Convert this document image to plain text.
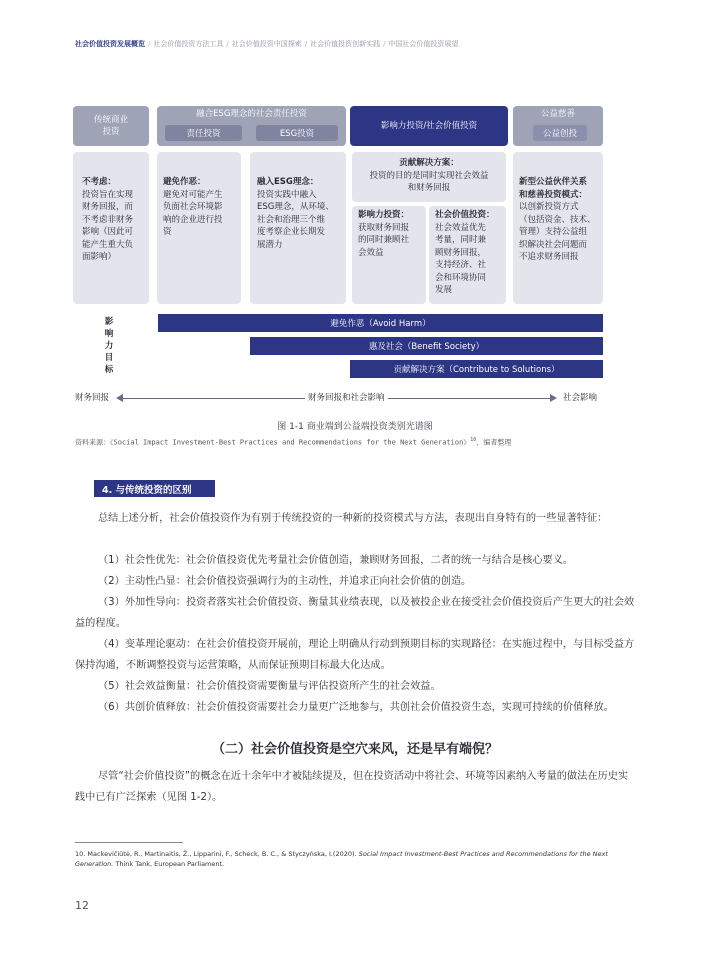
社会价值投资发展概览 / 社会价值投资方法工具 / 社会价值投资中国探索 / 社会价值投资创新实践 / 中国社会价值投资展望
传统商业
投资
融合ESG理念的社会责任投资
责任投资	ESG投资
影响力投资/社会价值投资
公益慈善
公益创投
不考虑：
投资旨在实现
财务回报，而
不考虑非财务
影响（因此可
能产生重大负
面影响）
避免作恶：
避免对可能产生
负面社会环境影
响的企业进行投
资
融入ESG理念：
投资实践中融入
ESG理念，从环境、
社会和治理三个维
度考察企业长期发
展潜力
贡献解决方案：
投资的目的是同时实现社会效益
和财务回报
影响力投资：
获取财务回报
的同时兼顾社
会效益
社会价值投资：
社会效益优先
考量，同时兼
顾财务回报，
支持经济、社
会和环境协同
发展
新型公益伙伴关系
和慈善投资模式：
以创新投资方式
（包括资金、技术、
管理）支持公益组
织解决社会问题而
不追求财务回报
影响力目标
避免作恶（Avoid Harm）
惠及社会（Benefit Society）
贡献解决方案（Contribute to Solutions）
财务回报	财务回报和社会影响	社会影响
图 1-1 商业端到公益端投资类别光谱图
资料来源：《Social Impact Investment-Best Practices and Recommendations for the Next Generation》$^{10}$，编者整理
4. 与传统投资的区别
总结上述分析，社会价值投资作为有别于传统投资的一种新的投资模式与方法，表现出自身特有的一些显著特征：
（1）社会性优先：社会价值投资优先考量社会价值创造，兼顾财务回报，二者的统一与结合是核心要义。
（2）主动性凸显：社会价值投资强调行为的主动性，并追求正向社会价值的创造。
（3）外加性导向：投资者落实社会价值投资、衡量其业绩表现，以及被投企业在接受社会价值投资后产生更大的社会效益的程度。
（4）变革理论驱动：在社会价值投资开展前，理论上明确从行动到预期目标的实现路径：在实施过程中，与目标受益方保持沟通，不断调整投资与运营策略，从而保证预期目标最大化达成。
（5）社会效益衡量：社会价值投资需要衡量与评估投资所产生的社会效益。
（6）共创价值释放：社会价值投资需要社会力量更广泛地参与，共创社会价值投资生态，实现可持续的价值释放。
（二）社会价值投资是空穴来风，还是早有端倪？
尽管“社会价值投资”的概念在近十余年中才被陆续提及，但在投资活动中将社会、环境等因素纳入考量的做法在历史实践中已有广泛探索（见图 1-2）。
10. Mackevičiūtė, R., Martinaitis, Ž., Lipparini, F., Scheck, B. C., & Styczyńska, I.(2020). Social Impact Investment-Best Practices and Recommendations for the Next Generation. Think Tank, European Parliament.
12
